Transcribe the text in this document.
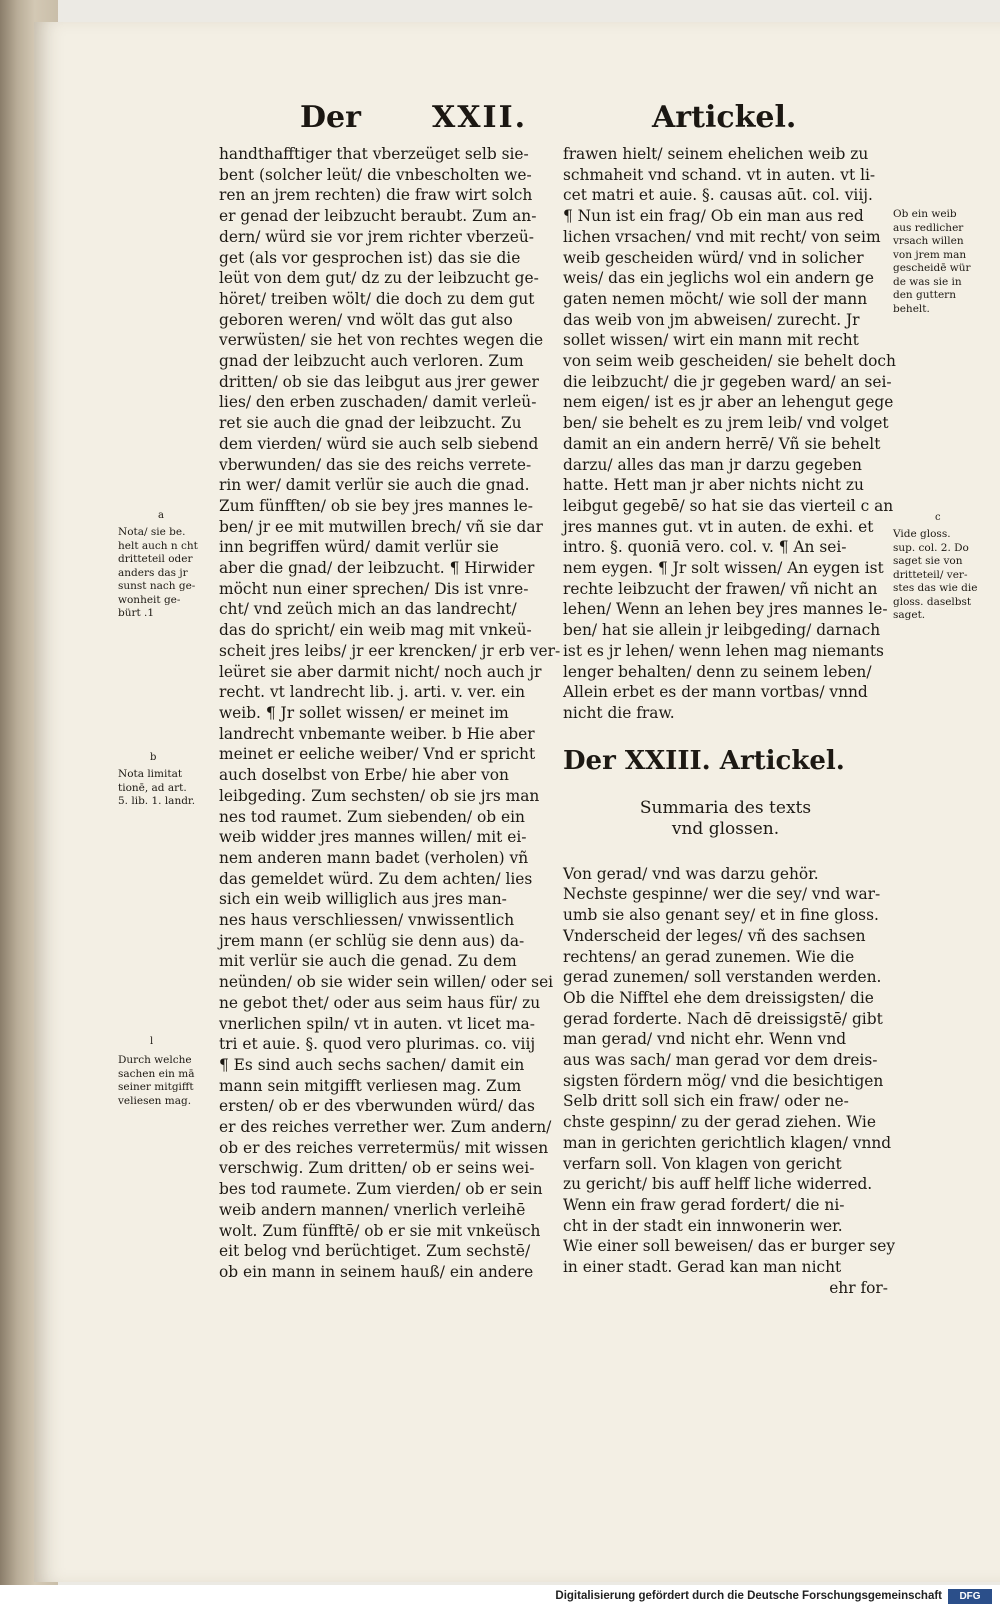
Der XXII.	Artickel.

handthafftiger that vberzeüget selb sie-

bent (solcher leüt/ die vnbescholten we-

ren an jrem rechten) die fraw wirt solch

er genad der leibzucht beraubt. Zum an-

dern/ würd sie vor jrem richter vberzeü-

get (als vor gesprochen ist) das sie die

leüt von dem gut/ dz zu der leibzucht ge-

höret/ treiben wölt/ die doch zu dem gut

geboren weren/ vnd wölt das gut also

verwüsten/ sie het von rechtes wegen die

gnad der leibzucht auch verloren. Zum

dritten/ ob sie das leibgut aus jrer gewer

lies/ den erben zuschaden/ damit verleü-

ret sie auch die gnad der leibzucht. Zu

dem vierden/ würd sie auch selb siebend

vberwunden/ das sie des reichs verrete-

rin wer/ damit verlür sie auch die gnad.

Zum fünfften/ ob sie bey jres mannes le-

ben/ jr ee mit mutwillen brech/ vñ sie dar

inn begriffen würd/ damit verlür sie

aber die gnad/ der leibzucht. ¶ Hirwider

möcht nun einer sprechen/ Dis ist vnre-

cht/ vnd zeüch mich an das landrecht/

das do spricht/ ein weib mag mit vnkeü-

scheit jres leibs/ jr eer krencken/ jr erb ver-

leüret sie aber darmit nicht/ noch auch jr

recht. vt landrecht lib. j. arti. v. ver. ein

weib. ¶ Jr sollet wissen/ er meinet im

landrecht vnbemante weiber. b Hie aber

meinet er eeliche weiber/ Vnd er spricht

auch doselbst von Erbe/ hie aber von

leibgeding. Zum sechsten/ ob sie jrs man

nes tod raumet. Zum siebenden/ ob ein

weib widder jres mannes willen/ mit ei-

nem anderen mann badet (verholen) vñ

das gemeldet würd. Zu dem achten/ lies

sich ein weib williglich aus jres man-

nes haus verschliessen/ vnwissentlich

jrem mann (er schlüg sie denn aus) da-

mit verlür sie auch die genad. Zu dem

neünden/ ob sie wider sein willen/ oder sei

ne gebot thet/ oder aus seim haus für/ zu

vnerlichen spiln/ vt in auten. vt licet ma-

tri et auie. §. quod vero plurimas. co. viij

¶ Es sind auch sechs sachen/ damit ein

mann sein mitgifft verliesen mag. Zum

ersten/ ob er des vberwunden würd/ das

er des reiches verrether wer. Zum andern/

ob er des reiches verretermüs/ mit wissen

verschwig. Zum dritten/ ob er seins wei-

bes tod raumete. Zum vierden/ ob er sein

weib andern mannen/ vnerlich verleihē

wolt. Zum fünfftē/ ob er sie mit vnkeüsch

eit belog vnd berüchtiget. Zum sechstē/

ob ein mann in seinem hauß/ ein andere

frawen hielt/ seinem ehelichen weib zu

schmaheit vnd schand. vt in auten. vt li-

cet matri et auie. §. causas aūt. col. viij.

¶ Nun ist ein frag/ Ob ein man aus red

lichen vrsachen/ vnd mit recht/ von seim

weib gescheiden würd/ vnd in solicher

weis/ das ein jeglichs wol ein andern ge

gaten nemen möcht/ wie soll der mann

das weib von jm abweisen/ zurecht. Jr

sollet wissen/ wirt ein mann mit recht

von seim weib gescheiden/ sie behelt doch

die leibzucht/ die jr gegeben ward/ an sei-

nem eigen/ ist es jr aber an lehengut gege

ben/ sie behelt es zu jrem leib/ vnd volget

damit an ein andern herrē/ Vñ sie behelt

darzu/ alles das man jr darzu gegeben

hatte. Hett man jr aber nichts nicht zu

leibgut gegebē/ so hat sie das vierteil c an

jres mannes gut. vt in auten. de exhi. et

intro. §. quoniā vero. col. v. ¶ An sei-

nem eygen. ¶ Jr solt wissen/ An eygen ist

rechte leibzucht der frawen/ vñ nicht an

lehen/ Wenn an lehen bey jres mannes le-

ben/ hat sie allein jr leibgeding/ darnach

ist es jr lehen/ wenn lehen mag niemants

lenger behalten/ denn zu seinem leben/

Allein erbet es der mann vortbas/ vnnd

nicht die fraw.

Der XXIII. Artickel.

Summaria des texts

vnd glossen.

Von gerad/ vnd was darzu gehör.

Nechste gespinne/ wer die sey/ vnd war-

umb sie also genant sey/ et in fine gloss.

Vnderscheid der leges/ vñ des sachsen

rechtens/ an gerad zunemen. Wie die

gerad zunemen/ soll verstanden werden.

Ob die Nifftel ehe dem dreissigsten/ die

gerad forderte. Nach dē dreissigstē/ gibt

man gerad/ vnd nicht ehr. Wenn vnd

aus was sach/ man gerad vor dem dreis-

sigsten fördern mög/ vnd die besichtigen

Selb dritt soll sich ein fraw/ oder ne-

chste gespinn/ zu der gerad ziehen. Wie

man in gerichten gerichtlich klagen/ vnnd

verfarn soll. Von klagen von gericht

zu gericht/ bis auff helff liche widerred.

Wenn ein fraw gerad fordert/ die ni-

cht in der stadt ein innwonerin wer.

Wie einer soll beweisen/ das er burger sey

in einer stadt. Gerad kan man nicht

ehr for-

a

Nota/ sie be.

helt auch n cht

dritteteil oder

anders das jr

sunst nach ge-

wonheit ge-

bürt .1

b

Nota limitat

tionē, ad art.

5. lib. 1. landr.

l

Durch welche

sachen ein mā

seiner mitgifft

veliesen mag.

Ob ein weib

aus redlicher

vrsach willen

von jrem man

gescheidē wür

de was sie in

den guttern

behelt.

c

Vide gloss.

sup. col. 2. Do

saget sie von

dritteteil/ ver-

stes das wie die

gloss. daselbst

saget.

Digitalisierung gefördert durch die Deutsche Forschungsgemeinschaft	DFG
